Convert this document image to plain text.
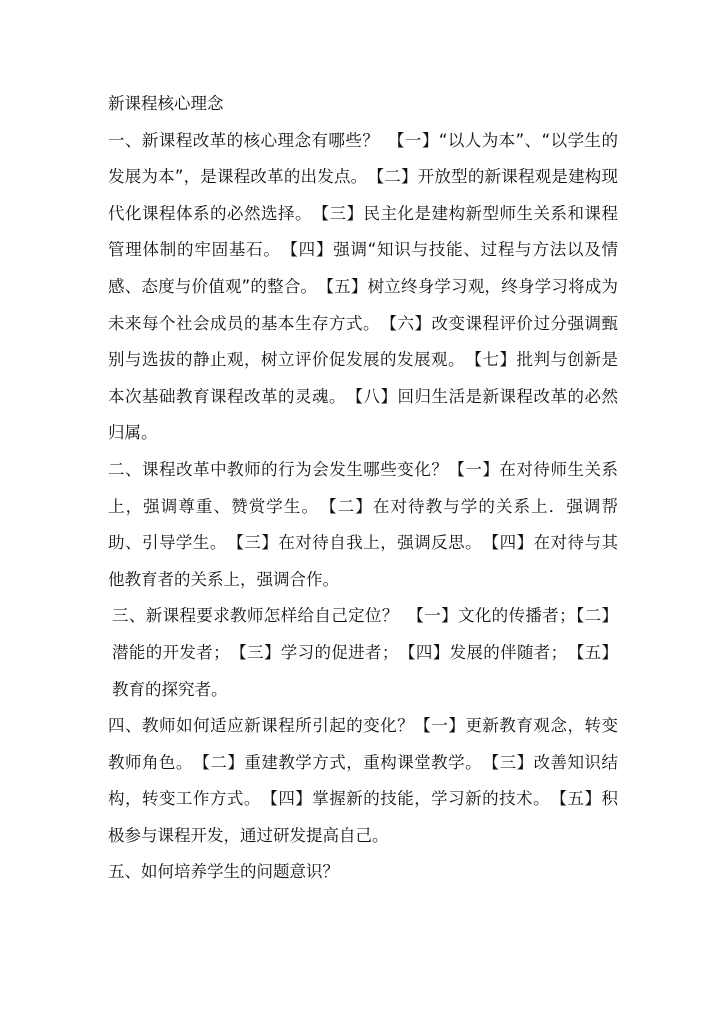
新课程核心理念

一、新课程改革的核心理念有哪些？　【一】“以人为本”、“以学生的发展为本”，是课程改革的出发点。　【二】开放型的新课程观是建构现代化课程体系的必然选择。　【三】民主化是建构新型师生关系和课程管理体制的牢固基石。　【四】强调“知识与技能、过程与方法以及情感、态度与价值观”的整合。　【五】树立终身学习观，终身学习将成为未来每个社会成员的基本生存方式。　【六】改变课程评价过分强调甄别与选拔的静止观，树立评价促发展的发展观。　【七】批判与创新是本次基础教育课程改革的灵魂。　【八】回归生活是新课程改革的必然归属。

二、课程改革中教师的行为会发生哪些变化？【一】在对待师生关系上，强调尊重、赞赏学生。　【二】在对待教与学的关系上．强调帮助、引导学生。　【三】在对待自我上，强调反思。　【四】在对待与其他教育者的关系上，强调合作。

三、新课程要求教师怎样给自己定位？　【一】文化的传播者；【二】潜能的开发者；　【三】学习的促进者；　【四】发展的伴随者；　【五】教育的探究者。

四、教师如何适应新课程所引起的变化？【一】更新教育观念，转变教师角色。　【二】重建教学方式，重构课堂教学。　【三】改善知识结构，转变工作方式。　【四】掌握新的技能，学习新的技术。　【五】积极参与课程开发，通过研发提高自己。

五、如何培养学生的问题意识？
